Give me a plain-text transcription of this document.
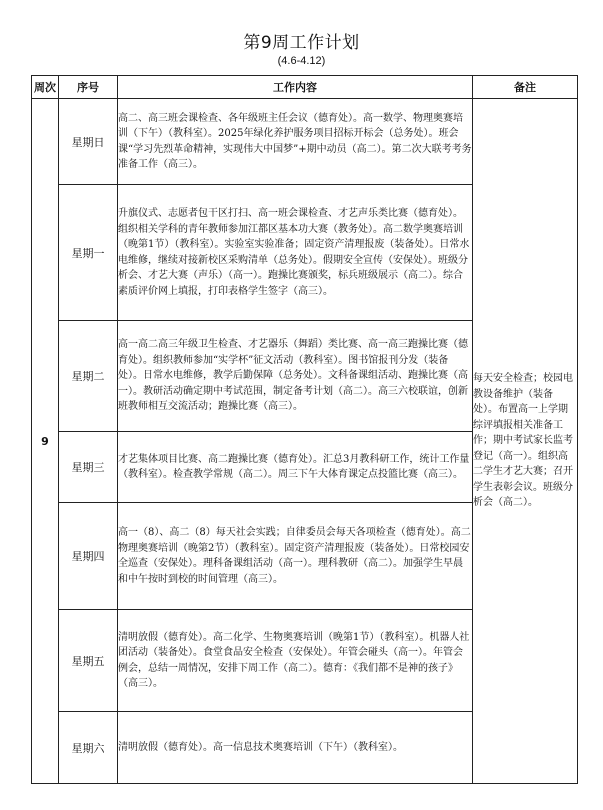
第9周工作计划
(4.6-4.12)
周次	序号	工作内容	备注
9	星期日	高二、高三班会课检查、各年级班主任会议（德育处）。高一数学、物理奥赛培训（下午）（教科室）。2025年绿化养护服务项目招标开标会（总务处）。班会课“学习先烈革命精神，实现伟大中国梦”+期中动员（高二）。第二次大联考考务准备工作（高三）。	每天安全检查；校园电教设备维护（装备处）。布置高一上学期综评填报相关准备工作；期中考试家长监考登记（高一）。组织高二学生才艺大赛；召开学生表彰会议。班级分析会（高二）。
	星期一	升旗仪式、志愿者包干区打扫、高一班会课检查、才艺声乐类比赛（德育处）。组织相关学科的青年教师参加江都区基本功大赛（教务处）。高二数学奥赛培训（晚第1节）（教科室）。实验室实验准备；固定资产清理报废（装备处）。日常水电维修，继续对接新校区采购清单（总务处）。假期安全宣传（安保处）。班级分析会、才艺大赛（声乐）（高一）。跑操比赛颁奖，标兵班级展示（高二）。综合素质评价网上填报，打印表格学生签字（高三）。	
	星期二	高一高二高三年级卫生检查、才艺器乐（舞蹈）类比赛、高一高三跑操比赛（德育处）。组织教师参加“实学杯”征文活动（教科室）。图书馆报刊分发（装备处）。日常水电维修，教学后勤保障（总务处）。文科备课组活动、跑操比赛（高一）。教研活动确定期中考试范围，制定备考计划（高二）。高三六校联谊，创新班教师相互交流活动；跑操比赛（高三）。	
	星期三	才艺集体项目比赛、高二跑操比赛（德育处）。汇总3月教科研工作，统计工作量（教科室）。检查教学常规（高二）。周三下午大体育课定点投篮比赛（高三）。	
	星期四	高一（8）、高二（8）每天社会实践；自律委员会每天各项检查（德育处）。高二物理奥赛培训（晚第2节）（教科室）。固定资产清理报废（装备处）。日常校园安全巡查（安保处）。理科备课组活动（高一）。理科教研（高二）。加强学生早晨和中午按时到校的时间管理（高三）。	
	星期五	清明放假（德育处）。高二化学、生物奥赛培训（晚第1节）（教科室）。机器人社团活动（装备处）。食堂食品安全检查（安保处）。年管会碰头（高一）。年管会例会，总结一周情况，安排下周工作（高二）。德育：《我们都不是神的孩子》（高三）。	
	星期六	清明放假（德育处）。高一信息技术奥赛培训（下午）（教科室）。	
